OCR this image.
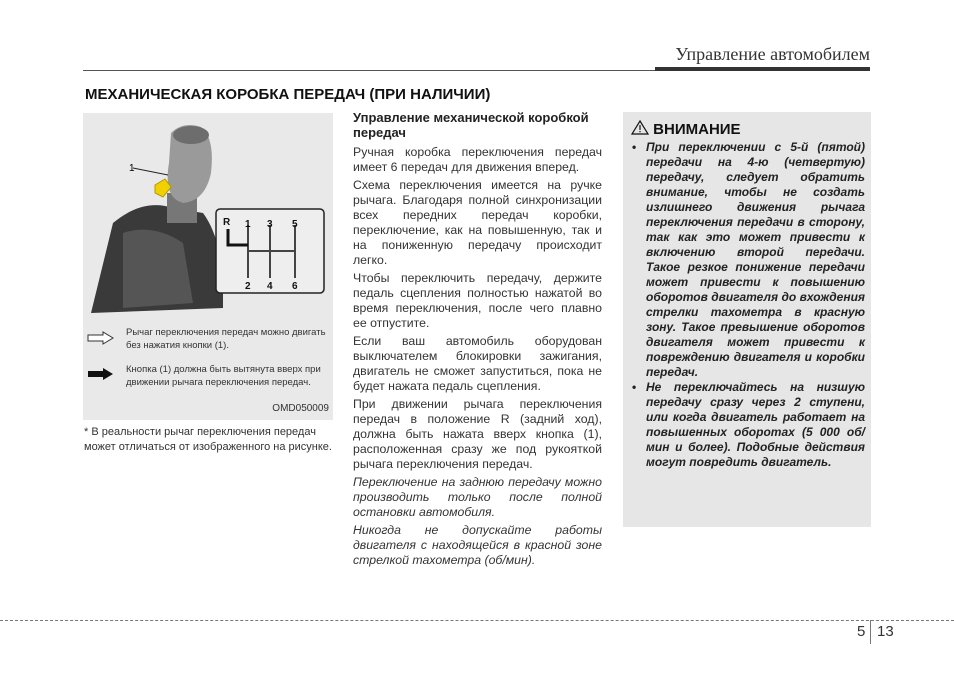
Управление автомобилем
МЕХАНИЧЕСКАЯ КОРОБКА ПЕРЕДАЧ (ПРИ НАЛИЧИИ)
1
R 1 3 5
2 4 6
Рычаг переключения передач можно двигать без нажатия кнопки (1).
Кнопка (1) должна быть вытянута вверх при движении рычага переключения передач.
OMD050009
* В реальности рычаг переключения передач может отличаться от изображенного на рисунке.
Управление механической коробкой передач

Ручная коробка переключения передач имеет 6 передач для движения вперед.

Схема переключения имеется на ручке рычага. Благодаря полной синхронизации всех передних передач коробки, переключение, как на повышенную, так и на пониженную передачу происходит легко.

Чтобы переключить передачу, держите педаль сцепления полностью нажатой во время переключения, после чего плавно ее отпустите.

Если ваш автомобиль оборудован выключателем блокировки зажигания, двигатель не сможет запуститься, пока не будет нажата педаль сцепления.

При движении рычага переключения передач в положение R (задний ход), должна быть нажата вверх кнопка (1), расположенная сразу же под рукояткой рычага переключения передач.

Переключение на заднюю передачу можно производить только после полной остановки автомобиля.

Никогда не допускайте работы двигателя с находящейся в красной зоне стрелкой тахометра (об/мин).

ВНИМАНИЕ
• При переключении с 5-й (пятой) передачи на 4-ю (четвертую) передачу, следует обратить внимание, чтобы не создать излишнего движения рычага переключения передачи в сторону, так как это может привести к включению второй передачи. Такое резкое понижение передачи может привести к повышению оборотов двигателя до вхождения стрелки тахометра в красную зону. Такое превышение оборотов двигателя может привести к повреждению двигателя и коробки передач.
• Не переключайтесь на низшую передачу сразу через 2 ступени, или когда двигатель работает на повышенных оборотах (5 000 об/мин и более). Подобные действия могут повредить двигатель.
5 13
